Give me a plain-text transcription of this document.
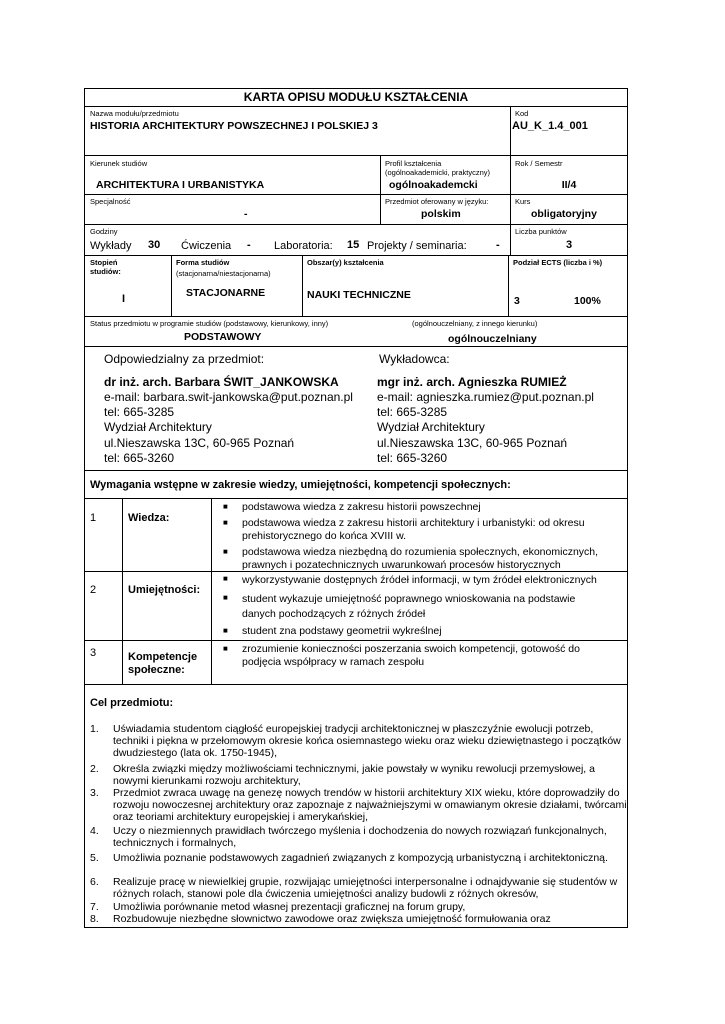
KARTA OPISU MODUŁU KSZTAŁCENIA
Nazwa modułu/przedmiotu
HISTORIA ARCHITEKTURY POWSZECHNEJ I POLSKIEJ 3
Kod
AU_K_1.4_001
Kierunek studiów
ARCHITEKTURA I URBANISTYKA
Profil kształcenia
(ogólnoakademicki, praktyczny)
ogólnoakademcki
Rok / Semestr
II/4
Specjalność
-
Przedmiot oferowany w języku:
polskim
Kurs
obligatoryjny
Godziny
Wykłady 30 Ćwiczenia - Laboratoria: 15 Projekty / seminaria:	-
Liczba punktów
3
Stopień studiów:
I
Forma studiów
(stacjonarna/niestacjonarna)
STACJONARNE
Obszar(y) kształcenia
NAUKI TECHNICZNE
Podział ECTS (liczba i %)
3	100%
Status przedmiotu w programie studiów (podstawowy, kierunkowy, inny)	(ogólnouczelniany, z innego kierunku)
PODSTAWOWY	ogólnouczelniany
Odpowiedzialny za przedmiot:	Wykładowca:
dr inż. arch. Barbara ŚWIT_JANKOWSKA
e-mail: barbara.swit-jankowska@put.poznan.pl
tel: 665-3285
Wydział Architektury
ul.Nieszawska 13C, 60-965 Poznań
tel: 665-3260
mgr inż. arch. Agnieszka RUMIEŻ
e-mail: agnieszka.rumiez@put.poznan.pl
tel: 665-3285
Wydział Architektury
ul.Nieszawska 13C, 60-965 Poznań
tel: 665-3260
Wymagania wstępne w zakresie wiedzy, umiejętności, kompetencji społecznych:
1	Wiedza:
■ podstawowa wiedza z zakresu historii powszechnej
■ podstawowa wiedza z zakresu historii architektury i urbanistyki: od okresu prehistorycznego do końca XVIII w.
■ podstawowa wiedza niezbędną do rozumienia społecznych, ekonomicznych, prawnych i pozatechnicznych uwarunkowań procesów historycznych
2	Umiejętności:
■ wykorzystywanie dostępnych źródeł informacji, w tym źródeł elektronicznych
■ student wykazuje umiejętność poprawnego wnioskowania na podstawie danych pochodzących z różnych źródeł
■ student zna podstawy geometrii wykreślnej
3	Kompetencje społeczne:
■ zrozumienie konieczności poszerzania swoich kompetencji, gotowość do podjęcia współpracy w ramach zespołu
Cel przedmiotu:
1. Uświadamia studentom ciągłość europejskiej tradycji architektonicznej w płaszczyźnie ewolucji potrzeb, techniki i piękna w przełomowym okresie końca osiemnastego wieku oraz wieku dziewiętnastego i początków dwudziestego (lata ok. 1750-1945),
2. Określa związki między możliwościami technicznymi, jakie powstały w wyniku rewolucji przemysłowej, a nowymi kierunkami rozwoju architektury,
3. Przedmiot zwraca uwagę na genezę nowych trendów w historii architektury XIX wieku, które doprowadziły do rozwoju nowoczesnej architektury oraz zapoznaje z najważniejszymi w omawianym okresie działami, twórcami oraz teoriami architektury europejskiej i amerykańskiej,
4. Uczy o niezmiennych prawidłach twórczego myślenia i dochodzenia do nowych rozwiązań funkcjonalnych, technicznych i formalnych,
5. Umożliwia poznanie podstawowych zagadnień związanych z kompozycją urbanistyczną i architektoniczną.
6. Realizuje pracę w niewielkiej grupie, rozwijając umiejętności interpersonalne i odnajdywanie się studentów w różnych rolach, stanowi pole dla ćwiczenia umiejętności analizy budowli z różnych okresów,
7. Umożliwia porównanie metod własnej prezentacji graficznej na forum grupy,
8. Rozbudowuje niezbędne słownictwo zawodowe oraz zwiększa umiejętność formułowania oraz
